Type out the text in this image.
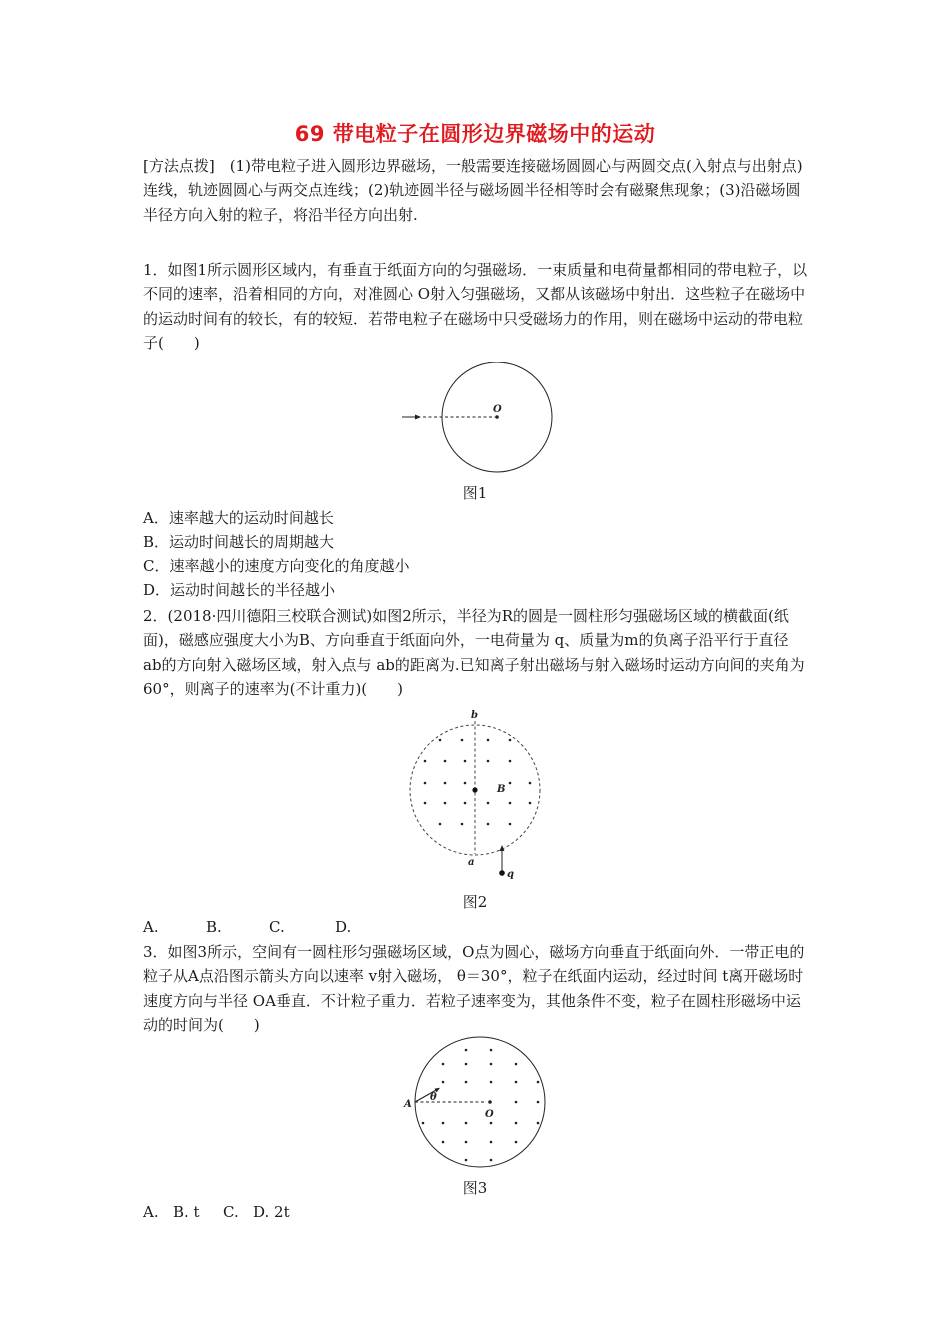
69 带电粒子在圆形边界磁场中的运动

[方法点拨]　(1)带电粒子进入圆形边界磁场，一般需要连接磁场圆圆心与两圆交点(入射点与出射点)连线，轨迹圆圆心与两交点连线；(2)轨迹圆半径与磁场圆半径相等时会有磁聚焦现象；(3)沿磁场圆半径方向入射的粒子，将沿半径方向出射.

1．如图1所示圆形区域内，有垂直于纸面方向的匀强磁场．一束质量和电荷量都相同的带电粒子，以不同的速率，沿着相同的方向，对准圆心 O射入匀强磁场，又都从该磁场中射出．这些粒子在磁场中的运动时间有的较长，有的较短．若带电粒子在磁场中只受磁场力的作用，则在磁场中运动的带电粒子(　　)

O
图1

A．速率越大的运动时间越长

B．运动时间越长的周期越大

C．速率越小的速度方向变化的角度越小

D．运动时间越长的半径越小

2．(2018·四川德阳三校联合测试)如图2所示，半径为R的圆是一圆柱形匀强磁场区域的横截面(纸面)，磁感应强度大小为B、方向垂直于纸面向外，一电荷量为 q、质量为m的负离子沿平行于直径 ab的方向射入磁场区域，射入点与 ab的距离为.已知离子射出磁场与射入磁场时运动方向间的夹角为60°，则离子的速率为(不计重力)(　　)

b
a
B
q
图2
A.	B.	C.	D.

3．如图3所示，空间有一圆柱形匀强磁场区域，O点为圆心，磁场方向垂直于纸面向外．一带正电的粒子从A点沿图示箭头方向以速率 v射入磁场， θ＝30°，粒子在纸面内运动，经过时间 t离开磁场时速度方向与半径 OA垂直．不计粒子重力．若粒子速率变为，其他条件不变，粒子在圆柱形磁场中运动的时间为(　　)

A
θ
O
图3
A. B. t C. D. 2t
